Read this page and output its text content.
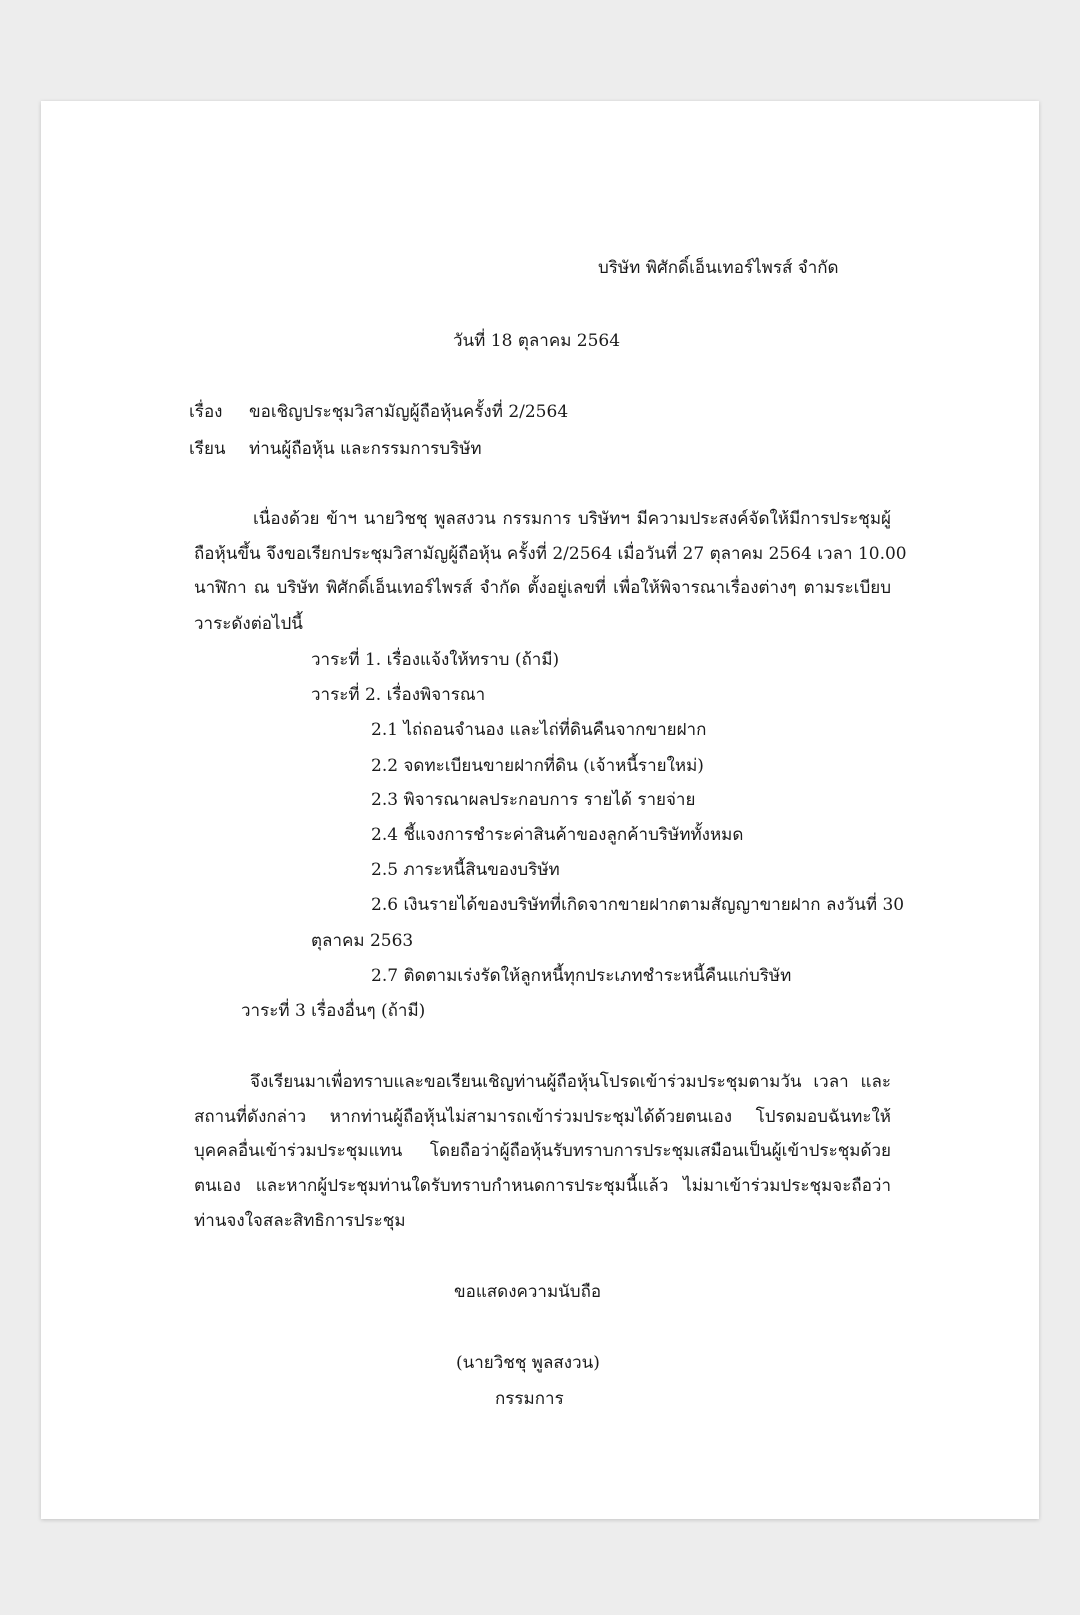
บริษัท พิศักดิ์เอ็นเทอร์ไพรส์ จำกัด
วันที่ 18 ตุลาคม 2564
เรื่อง ขอเชิญประชุมวิสามัญผู้ถือหุ้นครั้งที่ 2/2564
เรียน ท่านผู้ถือหุ้น และกรรมการบริษัท
เนื่องด้วย ข้าฯ นายวิชชุ พูลสงวน กรรมการ บริษัทฯ มีความประสงค์จัดให้มีการประชุมผู้
ถือหุ้นขึ้น จึงขอเรียกประชุมวิสามัญผู้ถือหุ้น ครั้งที่ 2/2564 เมื่อวันที่ 27 ตุลาคม 2564 เวลา 10.00
นาฬิกา ณ บริษัท พิศักดิ์เอ็นเทอร์ไพรส์ จำกัด ตั้งอยู่เลขที่ เพื่อให้พิจารณาเรื่องต่างๆ ตามระเบียบ
วาระดังต่อไปนี้
วาระที่ 1. เรื่องแจ้งให้ทราบ (ถ้ามี)
วาระที่ 2. เรื่องพิจารณา
2.1 ไถ่ถอนจำนอง และไถ่ที่ดินคืนจากขายฝาก
2.2 จดทะเบียนขายฝากที่ดิน (เจ้าหนี้รายใหม่)
2.3 พิจารณาผลประกอบการ รายได้ รายจ่าย
2.4 ชี้แจงการชำระค่าสินค้าของลูกค้าบริษัททั้งหมด
2.5 ภาระหนี้สินของบริษัท
2.6 เงินรายได้ของบริษัทที่เกิดจากขายฝากตามสัญญาขายฝาก ลงวันที่ 30
ตุลาคม 2563
2.7 ติดตามเร่งรัดให้ลูกหนี้ทุกประเภทชำระหนี้คืนแก่บริษัท
วาระที่ 3 เรื่องอื่นๆ (ถ้ามี)
จึงเรียนมาเพื่อทราบและขอเรียนเชิญท่านผู้ถือหุ้นโปรดเข้าร่วมประชุมตามวัน เวลา และ
สถานที่ดังกล่าว หากท่านผู้ถือหุ้นไม่สามารถเข้าร่วมประชุมได้ด้วยตนเอง โปรดมอบฉันทะให้
บุคคลอื่นเข้าร่วมประชุมแทน โดยถือว่าผู้ถือหุ้นรับทราบการประชุมเสมือนเป็นผู้เข้าประชุมด้วย
ตนเอง และหากผู้ประชุมท่านใดรับทราบกำหนดการประชุมนี้แล้ว ไม่มาเข้าร่วมประชุมจะถือว่า
ท่านจงใจสละสิทธิการประชุม
ขอแสดงความนับถือ
(นายวิชชุ พูลสงวน)
กรรมการ
